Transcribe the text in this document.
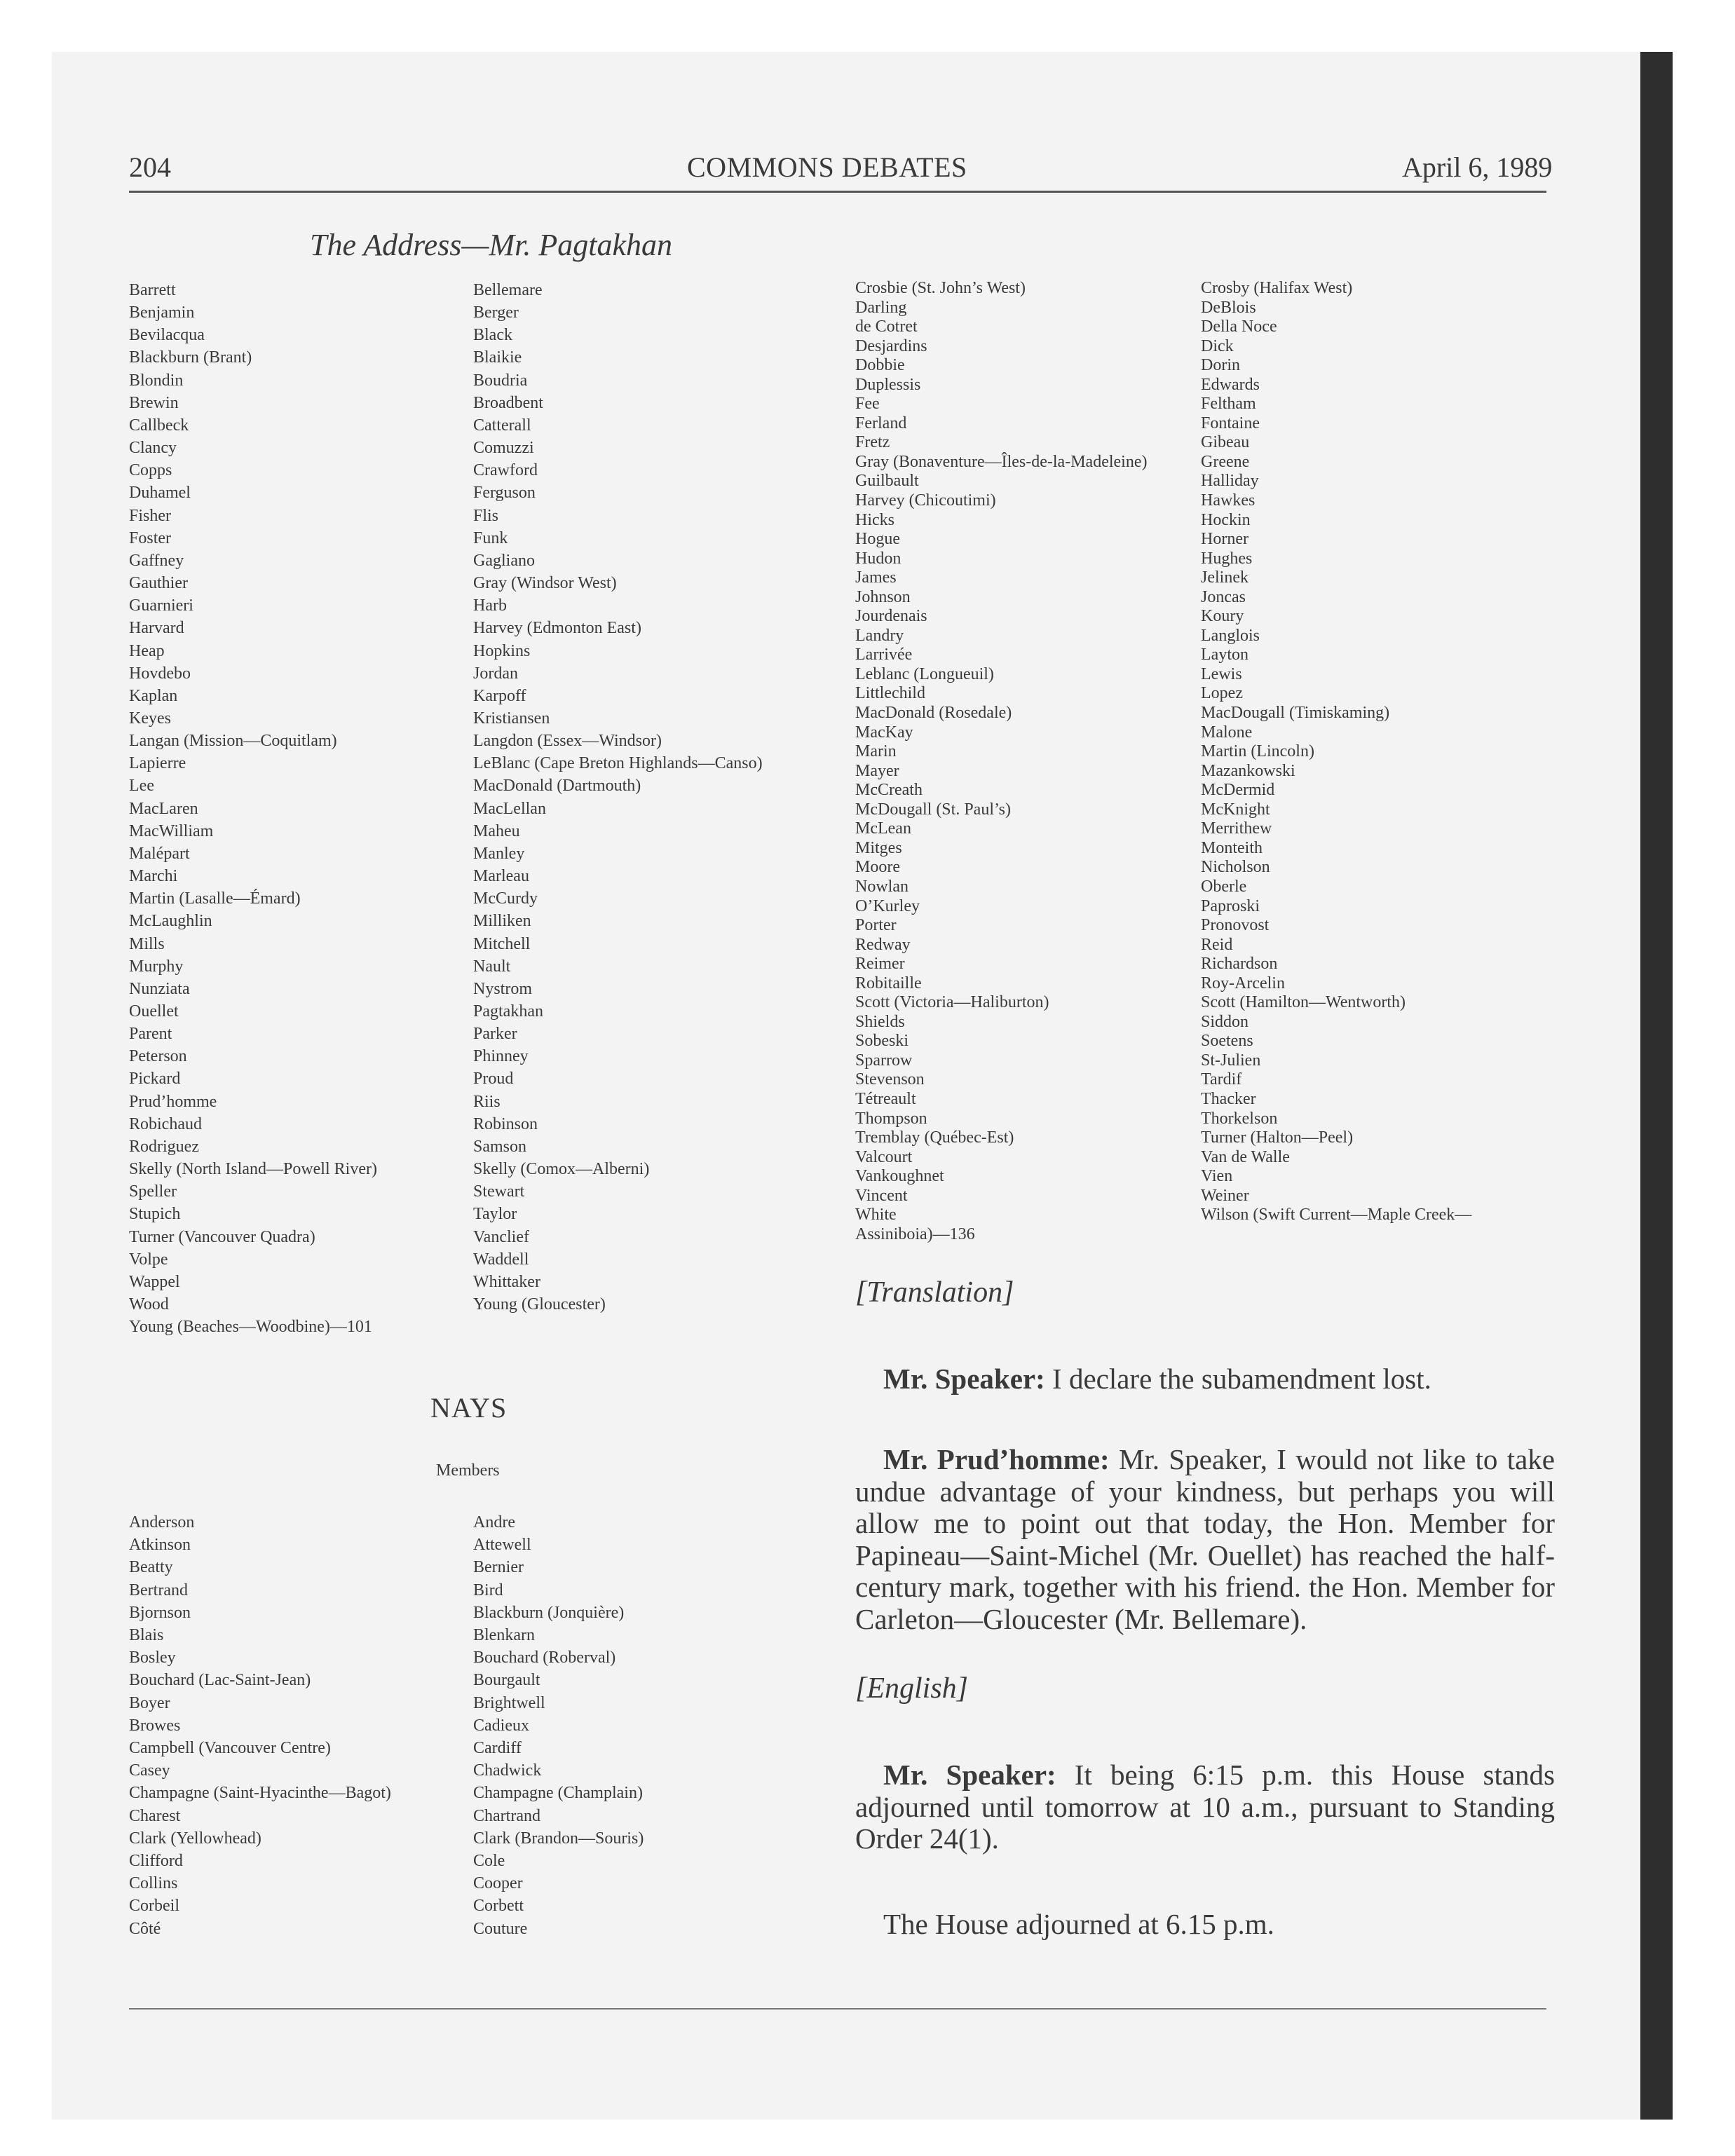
204	COMMONS DEBATES	April 6, 1989
The Address—Mr. Pagtakhan
Barrett
Benjamin
Bevilacqua
Blackburn (Brant)
Blondin
Brewin
Callbeck
Clancy
Copps
Duhamel
Fisher
Foster
Gaffney
Gauthier
Guarnieri
Harvard
Heap
Hovdebo
Kaplan
Keyes
Langan (Mission—Coquitlam)
Lapierre
Lee
MacLaren
MacWilliam
Malépart
Marchi
Martin (Lasalle—Émard)
McLaughlin
Mills
Murphy
Nunziata
Ouellet
Parent
Peterson
Pickard
Prud’homme
Robichaud
Rodriguez
Skelly (North Island—Powell River)
Speller
Stupich
Turner (Vancouver Quadra)
Volpe
Wappel
Wood
Young (Beaches—Woodbine)—101
Bellemare
Berger
Black
Blaikie
Boudria
Broadbent
Catterall
Comuzzi
Crawford
Ferguson
Flis
Funk
Gagliano
Gray (Windsor West)
Harb
Harvey (Edmonton East)
Hopkins
Jordan
Karpoff
Kristiansen
Langdon (Essex—Windsor)
LeBlanc (Cape Breton Highlands—Canso)
MacDonald (Dartmouth)
MacLellan
Maheu
Manley
Marleau
McCurdy
Milliken
Mitchell
Nault
Nystrom
Pagtakhan
Parker
Phinney
Proud
Riis
Robinson
Samson
Skelly (Comox—Alberni)
Stewart
Taylor
Vanclief
Waddell
Whittaker
Young (Gloucester)
Crosbie (St. John’s West)
Darling
de Cotret
Desjardins
Dobbie
Duplessis
Fee
Ferland
Fretz
Gray (Bonaventure—Îles-de-la-Madeleine)
Guilbault
Harvey (Chicoutimi)
Hicks
Hogue
Hudon
James
Johnson
Jourdenais
Landry
Larrivée
Leblanc (Longueuil)
Littlechild
MacDonald (Rosedale)
MacKay
Marin
Mayer
McCreath
McDougall (St. Paul’s)
McLean
Mitges
Moore
Nowlan
O’Kurley
Porter
Redway
Reimer
Robitaille
Scott (Victoria—Haliburton)
Shields
Sobeski
Sparrow
Stevenson
Tétreault
Thompson
Tremblay (Québec-Est)
Valcourt
Vankoughnet
Vincent
White
Assiniboia)—136
Crosby (Halifax West)
DeBlois
Della Noce
Dick
Dorin
Edwards
Feltham
Fontaine
Gibeau
Greene
Halliday
Hawkes
Hockin
Horner
Hughes
Jelinek
Joncas
Koury
Langlois
Layton
Lewis
Lopez
MacDougall (Timiskaming)
Malone
Martin (Lincoln)
Mazankowski
McDermid
McKnight
Merrithew
Monteith
Nicholson
Oberle
Paproski
Pronovost
Reid
Richardson
Roy-Arcelin
Scott (Hamilton—Wentworth)
Siddon
Soetens
St-Julien
Tardif
Thacker
Thorkelson
Turner (Halton—Peel)
Van de Walle
Vien
Weiner
Wilson (Swift Current—Maple Creek—
NAYS
Members
Anderson
Atkinson
Beatty
Bertrand
Bjornson
Blais
Bosley
Bouchard (Lac-Saint-Jean)
Boyer
Browes
Campbell (Vancouver Centre)
Casey
Champagne (Saint-Hyacinthe—Bagot)
Charest
Clark (Yellowhead)
Clifford
Collins
Corbeil
Côté
Andre
Attewell
Bernier
Bird
Blackburn (Jonquière)
Blenkarn
Bouchard (Roberval)
Bourgault
Brightwell
Cadieux
Cardiff
Chadwick
Champagne (Champlain)
Chartrand
Clark (Brandon—Souris)
Cole
Cooper
Corbett
Couture
[Translation]
Mr. Speaker: I declare the subamendment lost.
Mr. Prud’homme: Mr. Speaker, I would not like to take undue advantage of your kindness, but perhaps you will allow me to point out that today, the Hon. Member for Papineau—Saint-Michel (Mr. Ouellet) has reached the half-century mark, together with his friend. the Hon. Member for Carleton—Gloucester (Mr. Bellemare).
[English]
Mr. Speaker: It being 6:15 p.m. this House stands adjourned until tomorrow at 10 a.m., pursuant to Standing Order 24(1).
The House adjourned at 6.15 p.m.
